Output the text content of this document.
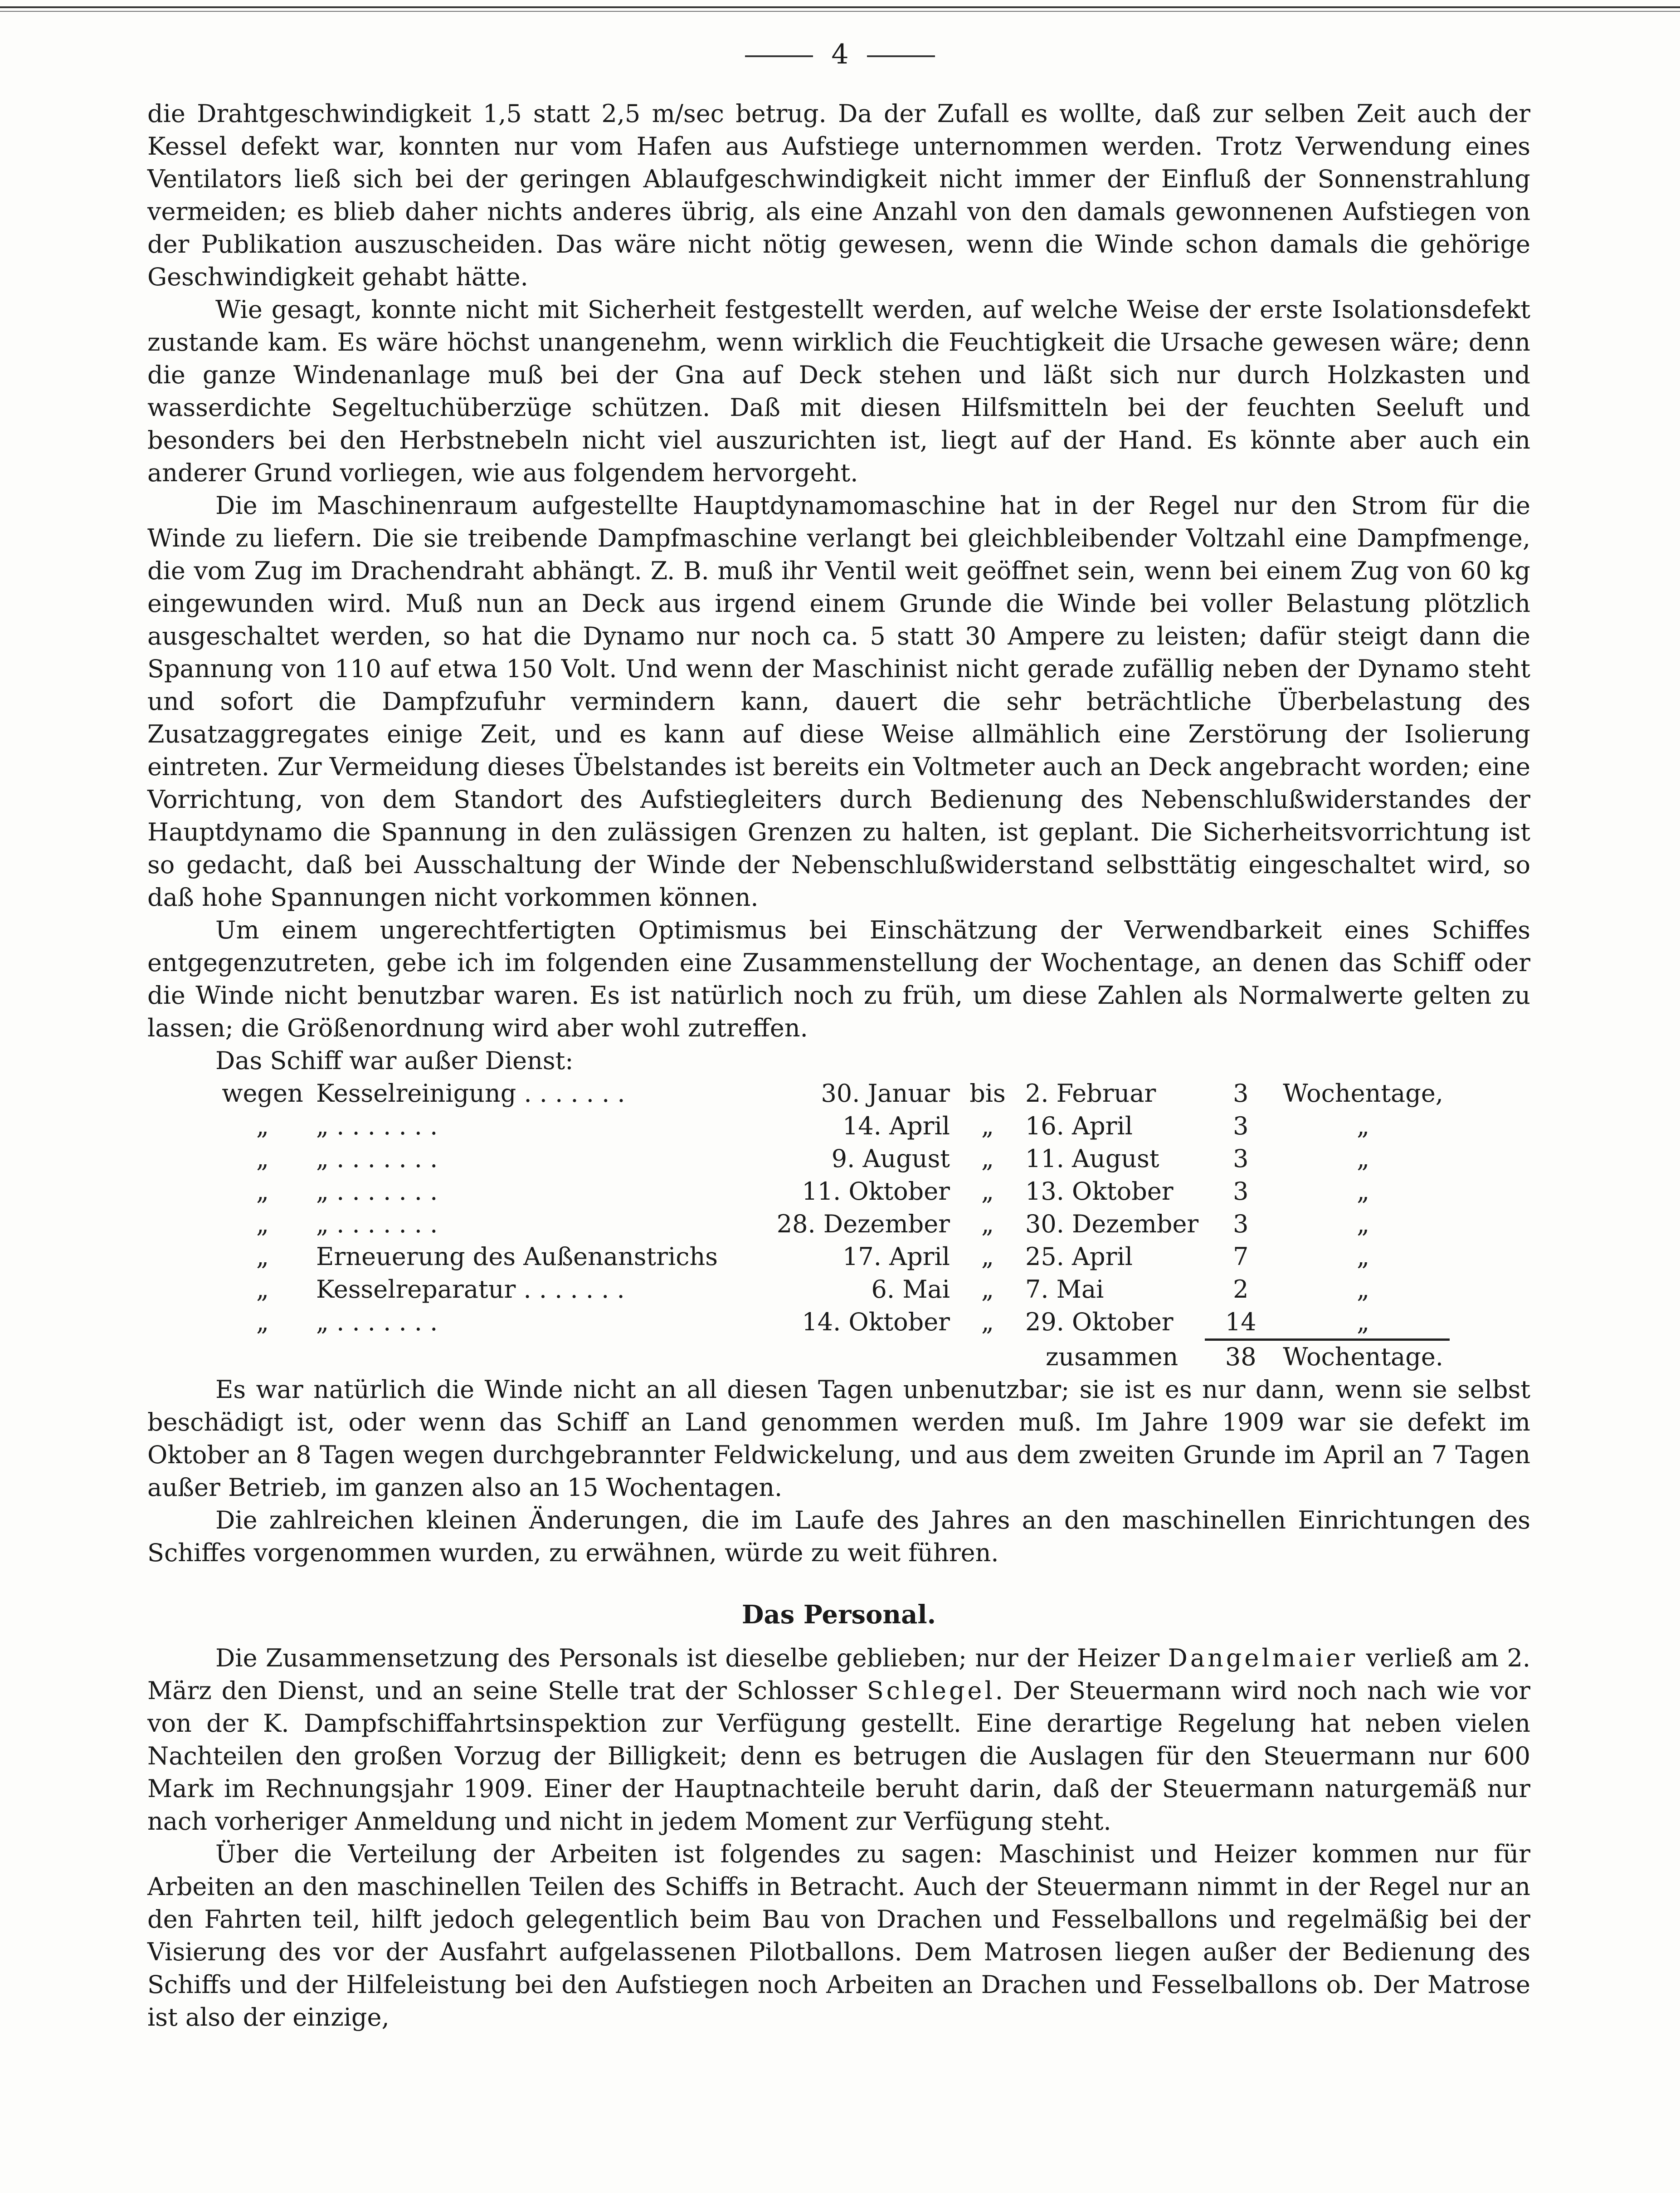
4

die Drahtgeschwindigkeit 1,5 statt 2,5 m/sec betrug. Da der Zufall es wollte, daß zur selben Zeit auch der Kessel defekt war, konnten nur vom Hafen aus Aufstiege unternommen werden. Trotz Verwendung eines Ventilators ließ sich bei der geringen Ablaufgeschwindigkeit nicht immer der Einfluß der Sonnenstrahlung vermeiden; es blieb daher nichts anderes übrig, als eine Anzahl von den damals gewonnenen Aufstiegen von der Publikation auszuscheiden. Das wäre nicht nötig gewesen, wenn die Winde schon damals die gehörige Geschwindigkeit gehabt hätte.

Wie gesagt, konnte nicht mit Sicherheit festgestellt werden, auf welche Weise der erste Isolationsdefekt zustande kam. Es wäre höchst unangenehm, wenn wirklich die Feuchtigkeit die Ursache gewesen wäre; denn die ganze Windenanlage muß bei der Gna auf Deck stehen und läßt sich nur durch Holzkasten und wasserdichte Segeltuchüberzüge schützen. Daß mit diesen Hilfsmitteln bei der feuchten Seeluft und besonders bei den Herbstnebeln nicht viel auszurichten ist, liegt auf der Hand. Es könnte aber auch ein anderer Grund vorliegen, wie aus folgendem hervorgeht.

Die im Maschinenraum aufgestellte Hauptdynamomaschine hat in der Regel nur den Strom für die Winde zu liefern. Die sie treibende Dampfmaschine verlangt bei gleichbleibender Voltzahl eine Dampfmenge, die vom Zug im Drachendraht abhängt. Z. B. muß ihr Ventil weit geöffnet sein, wenn bei einem Zug von 60 kg eingewunden wird. Muß nun an Deck aus irgend einem Grunde die Winde bei voller Belastung plötzlich ausgeschaltet werden, so hat die Dynamo nur noch ca. 5 statt 30 Ampere zu leisten; dafür steigt dann die Spannung von 110 auf etwa 150 Volt. Und wenn der Maschinist nicht gerade zufällig neben der Dynamo steht und sofort die Dampfzufuhr vermindern kann, dauert die sehr beträchtliche Überbelastung des Zusatzaggregates einige Zeit, und es kann auf diese Weise allmählich eine Zerstörung der Isolierung eintreten. Zur Vermeidung dieses Übelstandes ist bereits ein Voltmeter auch an Deck angebracht worden; eine Vorrichtung, von dem Standort des Aufstiegleiters durch Bedienung des Nebenschlußwiderstandes der Hauptdynamo die Spannung in den zulässigen Grenzen zu halten, ist geplant. Die Sicherheitsvorrichtung ist so gedacht, daß bei Ausschaltung der Winde der Nebenschlußwiderstand selbsttätig eingeschaltet wird, so daß hohe Spannungen nicht vorkommen können.

Um einem ungerechtfertigten Optimismus bei Einschätzung der Verwendbarkeit eines Schiffes entgegenzutreten, gebe ich im folgenden eine Zusammenstellung der Wochentage, an denen das Schiff oder die Winde nicht benutzbar waren. Es ist natürlich noch zu früh, um diese Zahlen als Normalwerte gelten zu lassen; die Größenordnung wird aber wohl zutreffen.

Das Schiff war außer Dienst:
wegen	Kesselreinigung . . . . . . .	30. Januar	bis	2. Februar	3	Wochentage,
„	„ . . . . . . .	14. April	„	16. April	3	„
„	„ . . . . . . .	9. August	„	11. August	3	„
„	„ . . . . . . .	11. Oktober	„	13. Oktober	3	„
„	„ . . . . . . .	28. Dezember	„	30. Dezember	3	„
„	Erneuerung des Außenanstrichs	17. April	„	25. April	7	„
„	Kesselreparatur . . . . . . .	6. Mai	„	7. Mai	2	„
„	„ . . . . . . .	14. Oktober	„	29. Oktober	14	„
				zusammen	38	Wochentage.

Es war natürlich die Winde nicht an all diesen Tagen unbenutzbar; sie ist es nur dann, wenn sie selbst beschädigt ist, oder wenn das Schiff an Land genommen werden muß. Im Jahre 1909 war sie defekt im Oktober an 8 Tagen wegen durchgebrannter Feldwickelung, und aus dem zweiten Grunde im April an 7 Tagen außer Betrieb, im ganzen also an 15 Wochentagen.

Die zahlreichen kleinen Änderungen, die im Laufe des Jahres an den maschinellen Einrichtungen des Schiffes vorgenommen wurden, zu erwähnen, würde zu weit führen.

Das Personal.

Die Zusammensetzung des Personals ist dieselbe geblieben; nur der Heizer Dangelmaier verließ am 2. März den Dienst, und an seine Stelle trat der Schlosser Schlegel. Der Steuermann wird noch nach wie vor von der K. Dampfschiffahrtsinspektion zur Verfügung gestellt. Eine derartige Regelung hat neben vielen Nachteilen den großen Vorzug der Billigkeit; denn es betrugen die Auslagen für den Steuermann nur 600 Mark im Rechnungsjahr 1909. Einer der Hauptnachteile beruht darin, daß der Steuermann naturgemäß nur nach vorheriger Anmeldung und nicht in jedem Moment zur Verfügung steht.

Über die Verteilung der Arbeiten ist folgendes zu sagen: Maschinist und Heizer kommen nur für Arbeiten an den maschinellen Teilen des Schiffs in Betracht. Auch der Steuermann nimmt in der Regel nur an den Fahrten teil, hilft jedoch gelegentlich beim Bau von Drachen und Fesselballons und regelmäßig bei der Visierung des vor der Ausfahrt aufgelassenen Pilotballons. Dem Matrosen liegen außer der Bedienung des Schiffs und der Hilfeleistung bei den Aufstiegen noch Arbeiten an Drachen und Fesselballons ob. Der Matrose ist also der einzige,
